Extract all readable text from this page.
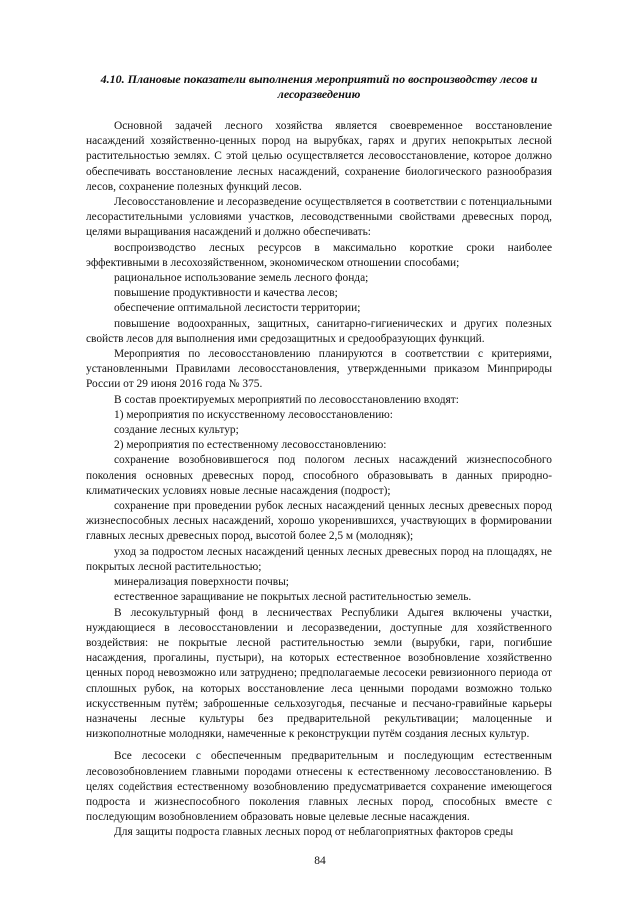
4.10. Плановые показатели выполнения мероприятий по воспроизводству лесов и лесоразведению

Основной задачей лесного хозяйства является своевременное восстановление насаждений хозяйственно-ценных пород на вырубках, гарях и других непокрытых лесной растительностью землях. С этой целью осуществляется лесовосстановление, которое должно обеспечивать восстановление лесных насаждений, сохранение биологического разнообразия лесов, сохранение полезных функций лесов.

Лесовосстановление и лесоразведение осуществляется в соответствии с потенциальными лесорастительными условиями участков, лесоводственными свойствами древесных пород, целями выращивания насаждений и должно обеспечивать:

воспроизводство лесных ресурсов в максимально короткие сроки наиболее эффективными в лесохозяйственном, экономическом отношении способами;

рациональное использование земель лесного фонда;

повышение продуктивности и качества лесов;

обеспечение оптимальной лесистости территории;

повышение водоохранных, защитных, санитарно-гигиенических и других полезных свойств лесов для выполнения ими средозащитных и средообразующих функций.

Мероприятия по лесовосстановлению планируются в соответствии с критериями, установленными Правилами лесовосстановления, утвержденными приказом Минприроды России от 29 июня 2016 года № 375.

В состав проектируемых мероприятий по лесовосстановлению входят:

1) мероприятия по искусственному лесовосстановлению:

создание лесных культур;

2) мероприятия по естественному лесовосстановлению:

сохранение возобновившегося под пологом лесных насаждений жизнеспособного поколения основных древесных пород, способного образовывать в данных природно-климатических условиях новые лесные насаждения (подрост);

сохранение при проведении рубок лесных насаждений ценных лесных древесных пород жизнеспособных лесных насаждений, хорошо укоренившихся, участвующих в формировании главных лесных древесных пород, высотой более 2,5 м (молодняк);

уход за подростом лесных насаждений ценных лесных древесных пород на площадях, не покрытых лесной растительностью;

минерализация поверхности почвы;

естественное заращивание не покрытых лесной растительностью земель.

В лесокультурный фонд в лесничествах Республики Адыгея включены участки, нуждающиеся в лесовосстановлении и лесоразведении, доступные для хозяйственного воздействия: не покрытые лесной растительностью земли (вырубки, гари, погибшие насаждения, прогалины, пустыри), на которых естественное возобновление хозяйственно ценных пород невозможно или затруднено; предполагаемые лесосеки ревизионного периода от сплошных рубок, на которых восстановление леса ценными породами возможно только искусственным путём; заброшенные сельхозугодья, песчаные и песчано-гравийные карьеры назначены лесные культуры без предварительной рекультивации; малоценные и низкополнотные молодняки, намеченные к реконструкции путём создания лесных культур.

Все лесосеки с обеспеченным предварительным и последующим естественным лесовозобновлением главными породами отнесены к естественному лесовосстановлению. В целях содействия естественному возобновлению предусматривается сохранение имеющегося подроста и жизнеспособного поколения главных лесных пород, способных вместе с последующим возобновлением образовать новые целевые лесные насаждения.

Для защиты подроста главных лесных пород от неблагоприятных факторов среды

84
